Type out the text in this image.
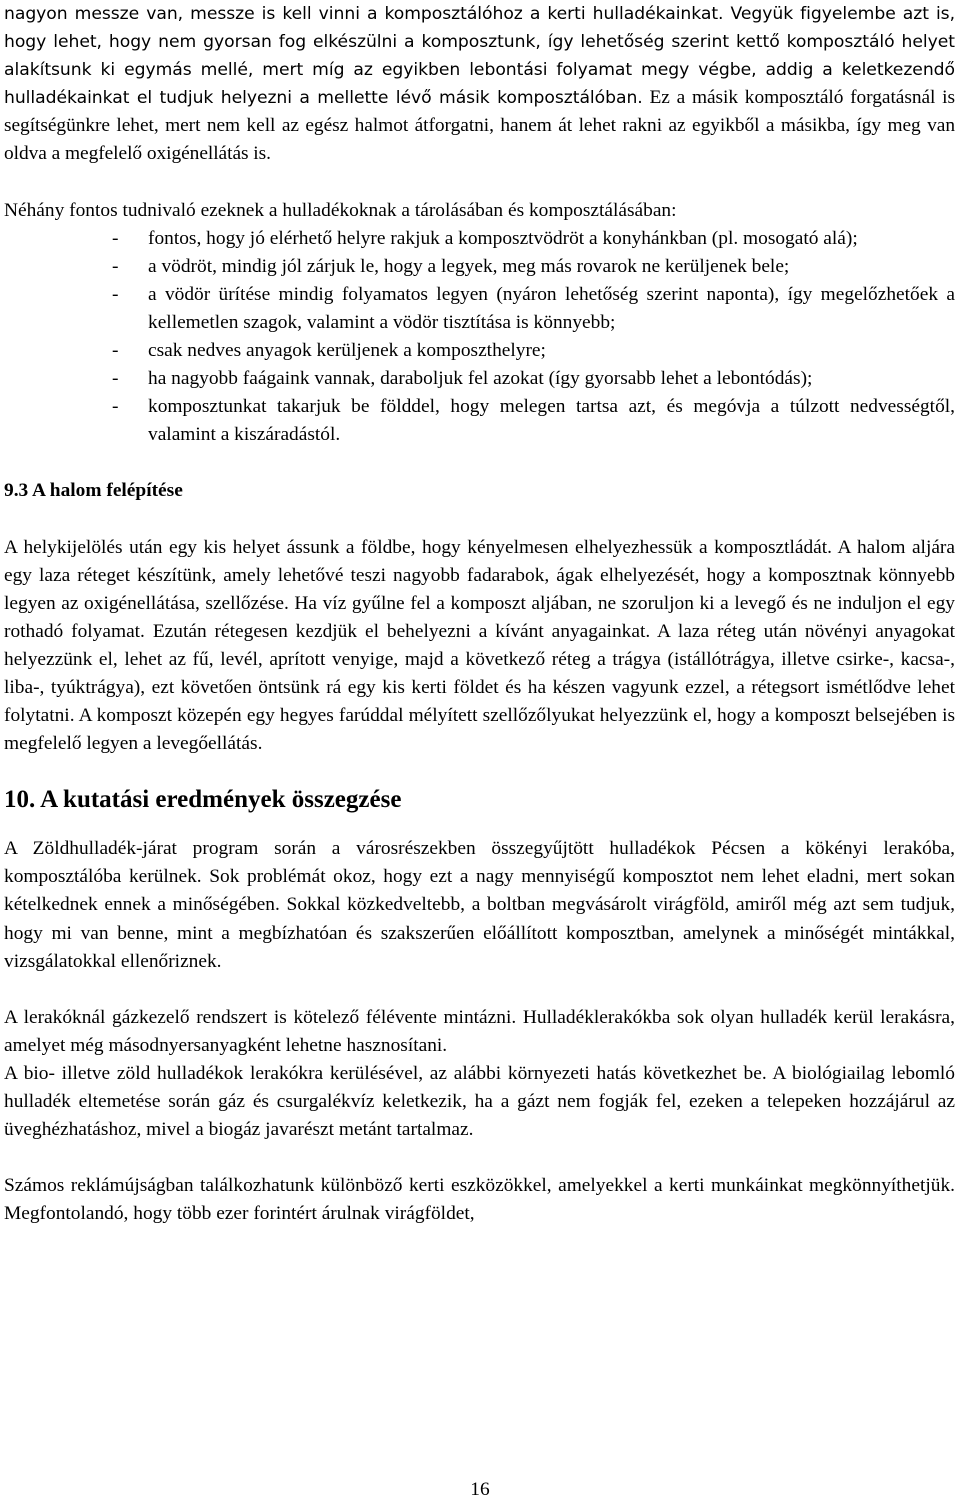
nagyon messze van, messze is kell vinni a komposztálóhoz a kerti hulladékainkat. Vegyük figyelembe azt is, hogy lehet, hogy nem gyorsan fog elkészülni a komposztunk, így lehetőség szerint kettő komposztáló helyet alakítsunk ki egymás mellé, mert míg az egyikben lebontási folyamat megy végbe, addig a keletkezendő hulladékainkat el tudjuk helyezni a mellette lévő másik komposztálóban. Ez a másik komposztáló forgatásnál is segítségünkre lehet, mert nem kell az egész halmot átforgatni, hanem át lehet rakni az egyikből a másikba, így meg van oldva a megfelelő oxigénellátás is.

Néhány fontos tudnivaló ezeknek a hulladékoknak a tárolásában és komposztálásában:

- fontos, hogy jó elérhető helyre rakjuk a komposztvödröt a konyhánkban (pl. mosogató alá);
- a vödröt, mindig jól zárjuk le, hogy a legyek, meg más rovarok ne kerüljenek bele;
- a vödör ürítése mindig folyamatos legyen (nyáron lehetőség szerint naponta), így megelőzhetőek a kellemetlen szagok, valamint a vödör tisztítása is könnyebb;
- csak nedves anyagok kerüljenek a komposzthelyre;
- ha nagyobb faágaink vannak, daraboljuk fel azokat (így gyorsabb lehet a lebontódás);
- komposztunkat takarjuk be földdel, hogy melegen tartsa azt, és megóvja a túlzott nedvességtől, valamint a kiszáradástól.
9.3 A halom felépítése

A helykijelölés után egy kis helyet ássunk a földbe, hogy kényelmesen elhelyezhessük a komposztládát. A halom aljára egy laza réteget készítünk, amely lehetővé teszi nagyobb fadarabok, ágak elhelyezését, hogy a komposztnak könnyebb legyen az oxigénellátása, szellőzése. Ha víz gyűlne fel a komposzt aljában, ne szoruljon ki a levegő és ne induljon el egy rothadó folyamat. Ezután rétegesen kezdjük el behelyezni a kívánt anyagainkat. A laza réteg után növényi anyagokat helyezzünk el, lehet az fű, levél, aprított venyige, majd a következő réteg a trágya (istállótrágya, illetve csirke-, kacsa-, liba-, tyúktrágya), ezt követően öntsünk rá egy kis kerti földet és ha készen vagyunk ezzel, a rétegsort ismétlődve lehet folytatni. A komposzt közepén egy hegyes farúddal mélyített szellőzőlyukat helyezzünk el, hogy a komposzt belsejében is megfelelő legyen a levegőellátás.

10. A kutatási eredmények összegzése

A Zöldhulladék-járat program során a városrészekben összegyűjtött hulladékok Pécsen a kökényi lerakóba, komposztálóba kerülnek. Sok problémát okoz, hogy ezt a nagy mennyiségű komposztot nem lehet eladni, mert sokan kételkednek ennek a minőségében. Sokkal közkedveltebb, a boltban megvásárolt virágföld, amiről még azt sem tudjuk, hogy mi van benne, mint a megbízhatóan és szakszerűen előállított komposztban, amelynek a minőségét mintákkal, vizsgálatokkal ellenőriznek.

A lerakóknál gázkezelő rendszert is kötelező félévente mintázni. Hulladéklerakókba sok olyan hulladék kerül lerakásra, amelyet még másodnyersanyagként lehetne hasznosítani.

A bio- illetve zöld hulladékok lerakókra kerülésével, az alábbi környezeti hatás következhet be. A biológiailag lebomló hulladék eltemetése során gáz és csurgalékvíz keletkezik, ha a gázt nem fogják fel, ezeken a telepeken hozzájárul az üveghézhatáshoz, mivel a biogáz javarészt metánt tartalmaz.

Számos reklámújságban találkozhatunk különböző kerti eszközökkel, amelyekkel a kerti munkáinkat megkönnyíthetjük. Megfontolandó, hogy több ezer forintért árulnak virágföldet,

16
